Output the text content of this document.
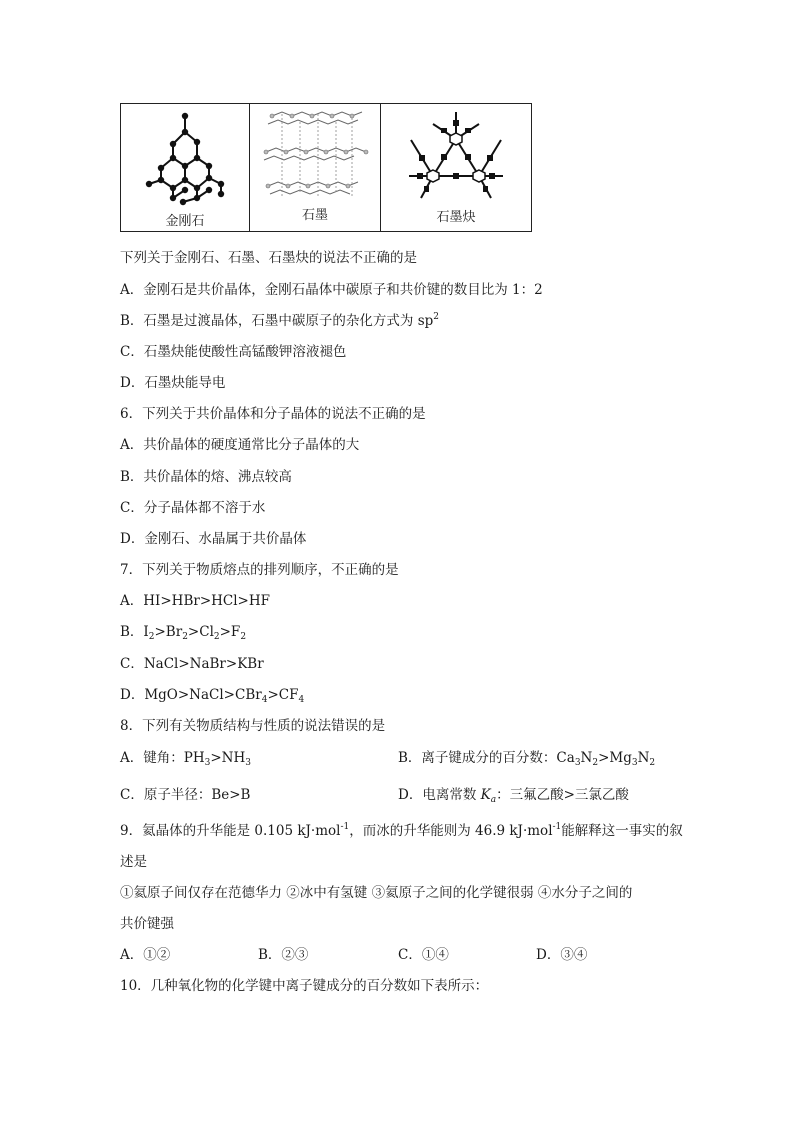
金刚石	石墨	石墨炔
下列关于金刚石、石墨、石墨炔的说法不正确的是
A．金刚石是共价晶体，金刚石晶体中碳原子和共价键的数目比为 1：2
B．石墨是过渡晶体，石墨中碳原子的杂化方式为 $sp^2$
C．石墨炔能使酸性高锰酸钾溶液褪色
D．石墨炔能导电
6．下列关于共价晶体和分子晶体的说法不正确的是
A．共价晶体的硬度通常比分子晶体的大
B．共价晶体的熔、沸点较高
C．分子晶体都不溶于水
D．金刚石、水晶属于共价晶体
7．下列关于物质熔点的排列顺序，不正确的是
A．HI>HBr>HCl>HF
B．$I_2>Br_2>Cl_2>F_2$
C．NaCl>NaBr>KBr
D．$MgO>NaCl>CBr_4>CF_4$
8．下列有关物质结构与性质的说法错误的是
A．键角：$PH_3>NH_3$	B．离子键成分的百分数：$Ca_3N_2>Mg_3N_2$
C．原子半径：Be>B	D．电离常数 $K_a$：三氟乙酸>三氯乙酸
9．氦晶体的升华能是 0.105 kJ·mol$^{-1}$，而冰的升华能则为 46.9 kJ·mol$^{-1}$能解释这一事实的叙
述是
①氦原子间仅存在范德华力 ②冰中有氢键 ③氦原子之间的化学键很弱 ④水分子之间的
共价键强
A．①②	B．②③	C．①④	D．③④
10．几种氧化物的化学键中离子键成分的百分数如下表所示：
